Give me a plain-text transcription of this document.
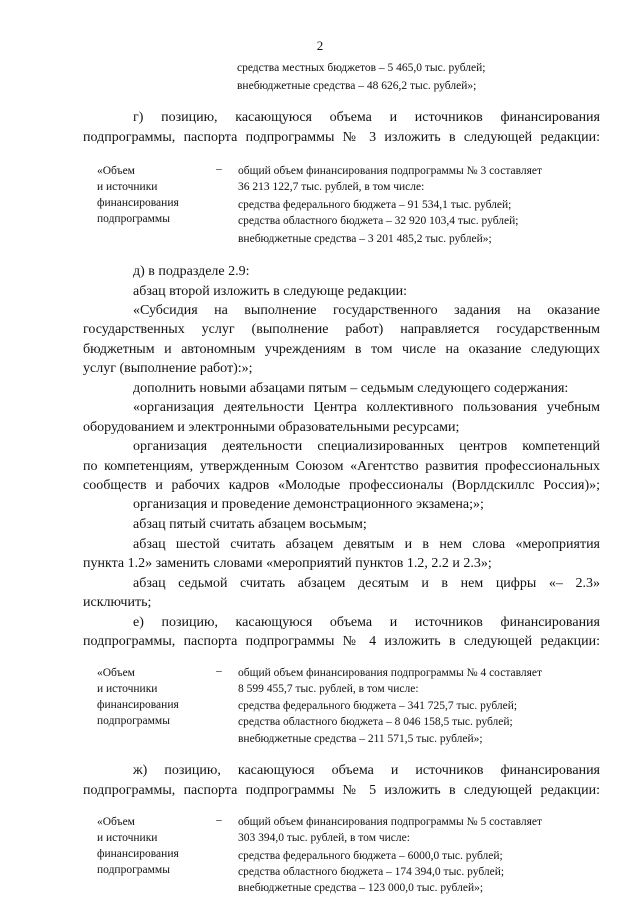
2
средства местных бюджетов – 5 465,0 тыс. рублей;
внебюджетные средства – 48 626,2 тыс. рублей»;
г) позицию, касающуюся объема и источников финансирования
подпрограммы, паспорта подпрограммы № 3 изложить в следующей редакции:
«Объем
и источники
финансирования
подпрограммы
– общий объем финансирования подпрограммы № 3 составляет
36 213 122,7 тыс. рублей, в том числе:
средства федерального бюджета – 91 534,1 тыс. рублей;
средства областного бюджета – 32 920 103,4 тыс. рублей;
внебюджетные средства – 3 201 485,2 тыс. рублей»;
д) в подразделе 2.9:
абзац второй изложить в следующе редакции:
«Субсидия на выполнение государственного задания на оказание
государственных услуг (выполнение работ) направляется государственным
бюджетным и автономным учреждениям в том числе на оказание следующих
услуг (выполнение работ):»;
дополнить новыми абзацами пятым – седьмым следующего содержания:
«организация деятельности Центра коллективного пользования учебным
оборудованием и электронными образовательными ресурсами;
организация деятельности специализированных центров компетенций
по компетенциям, утвержденным Союзом «Агентство развития профессиональных
сообществ и рабочих кадров «Молодые профессионалы (Ворлдскиллс Россия)»;
организация и проведение демонстрационного экзамена;»;
абзац пятый считать абзацем восьмым;
абзац шестой считать абзацем девятым и в нем слова «мероприятия
пункта 1.2» заменить словами «мероприятий пунктов 1.2, 2.2 и 2.3»;
абзац седьмой считать абзацем десятым и в нем цифры «– 2.3»
исключить;
е) позицию, касающуюся объема и источников финансирования
подпрограммы, паспорта подпрограммы № 4 изложить в следующей редакции:
«Объем
и источники
финансирования
подпрограммы
– общий объем финансирования подпрограммы № 4 составляет
8 599 455,7 тыс. рублей, в том числе:
средства федерального бюджета – 341 725,7 тыс. рублей;
средства областного бюджета – 8 046 158,5 тыс. рублей;
внебюджетные средства – 211 571,5 тыс. рублей»;
ж) позицию, касающуюся объема и источников финансирования
подпрограммы, паспорта подпрограммы № 5 изложить в следующей редакции:
«Объем
и источники
финансирования
подпрограммы
– общий объем финансирования подпрограммы № 5 составляет
303 394,0 тыс. рублей, в том числе:
средства федерального бюджета – 6000,0 тыс. рублей;
средства областного бюджета – 174 394,0 тыс. рублей;
внебюджетные средства – 123 000,0 тыс. рублей»;
